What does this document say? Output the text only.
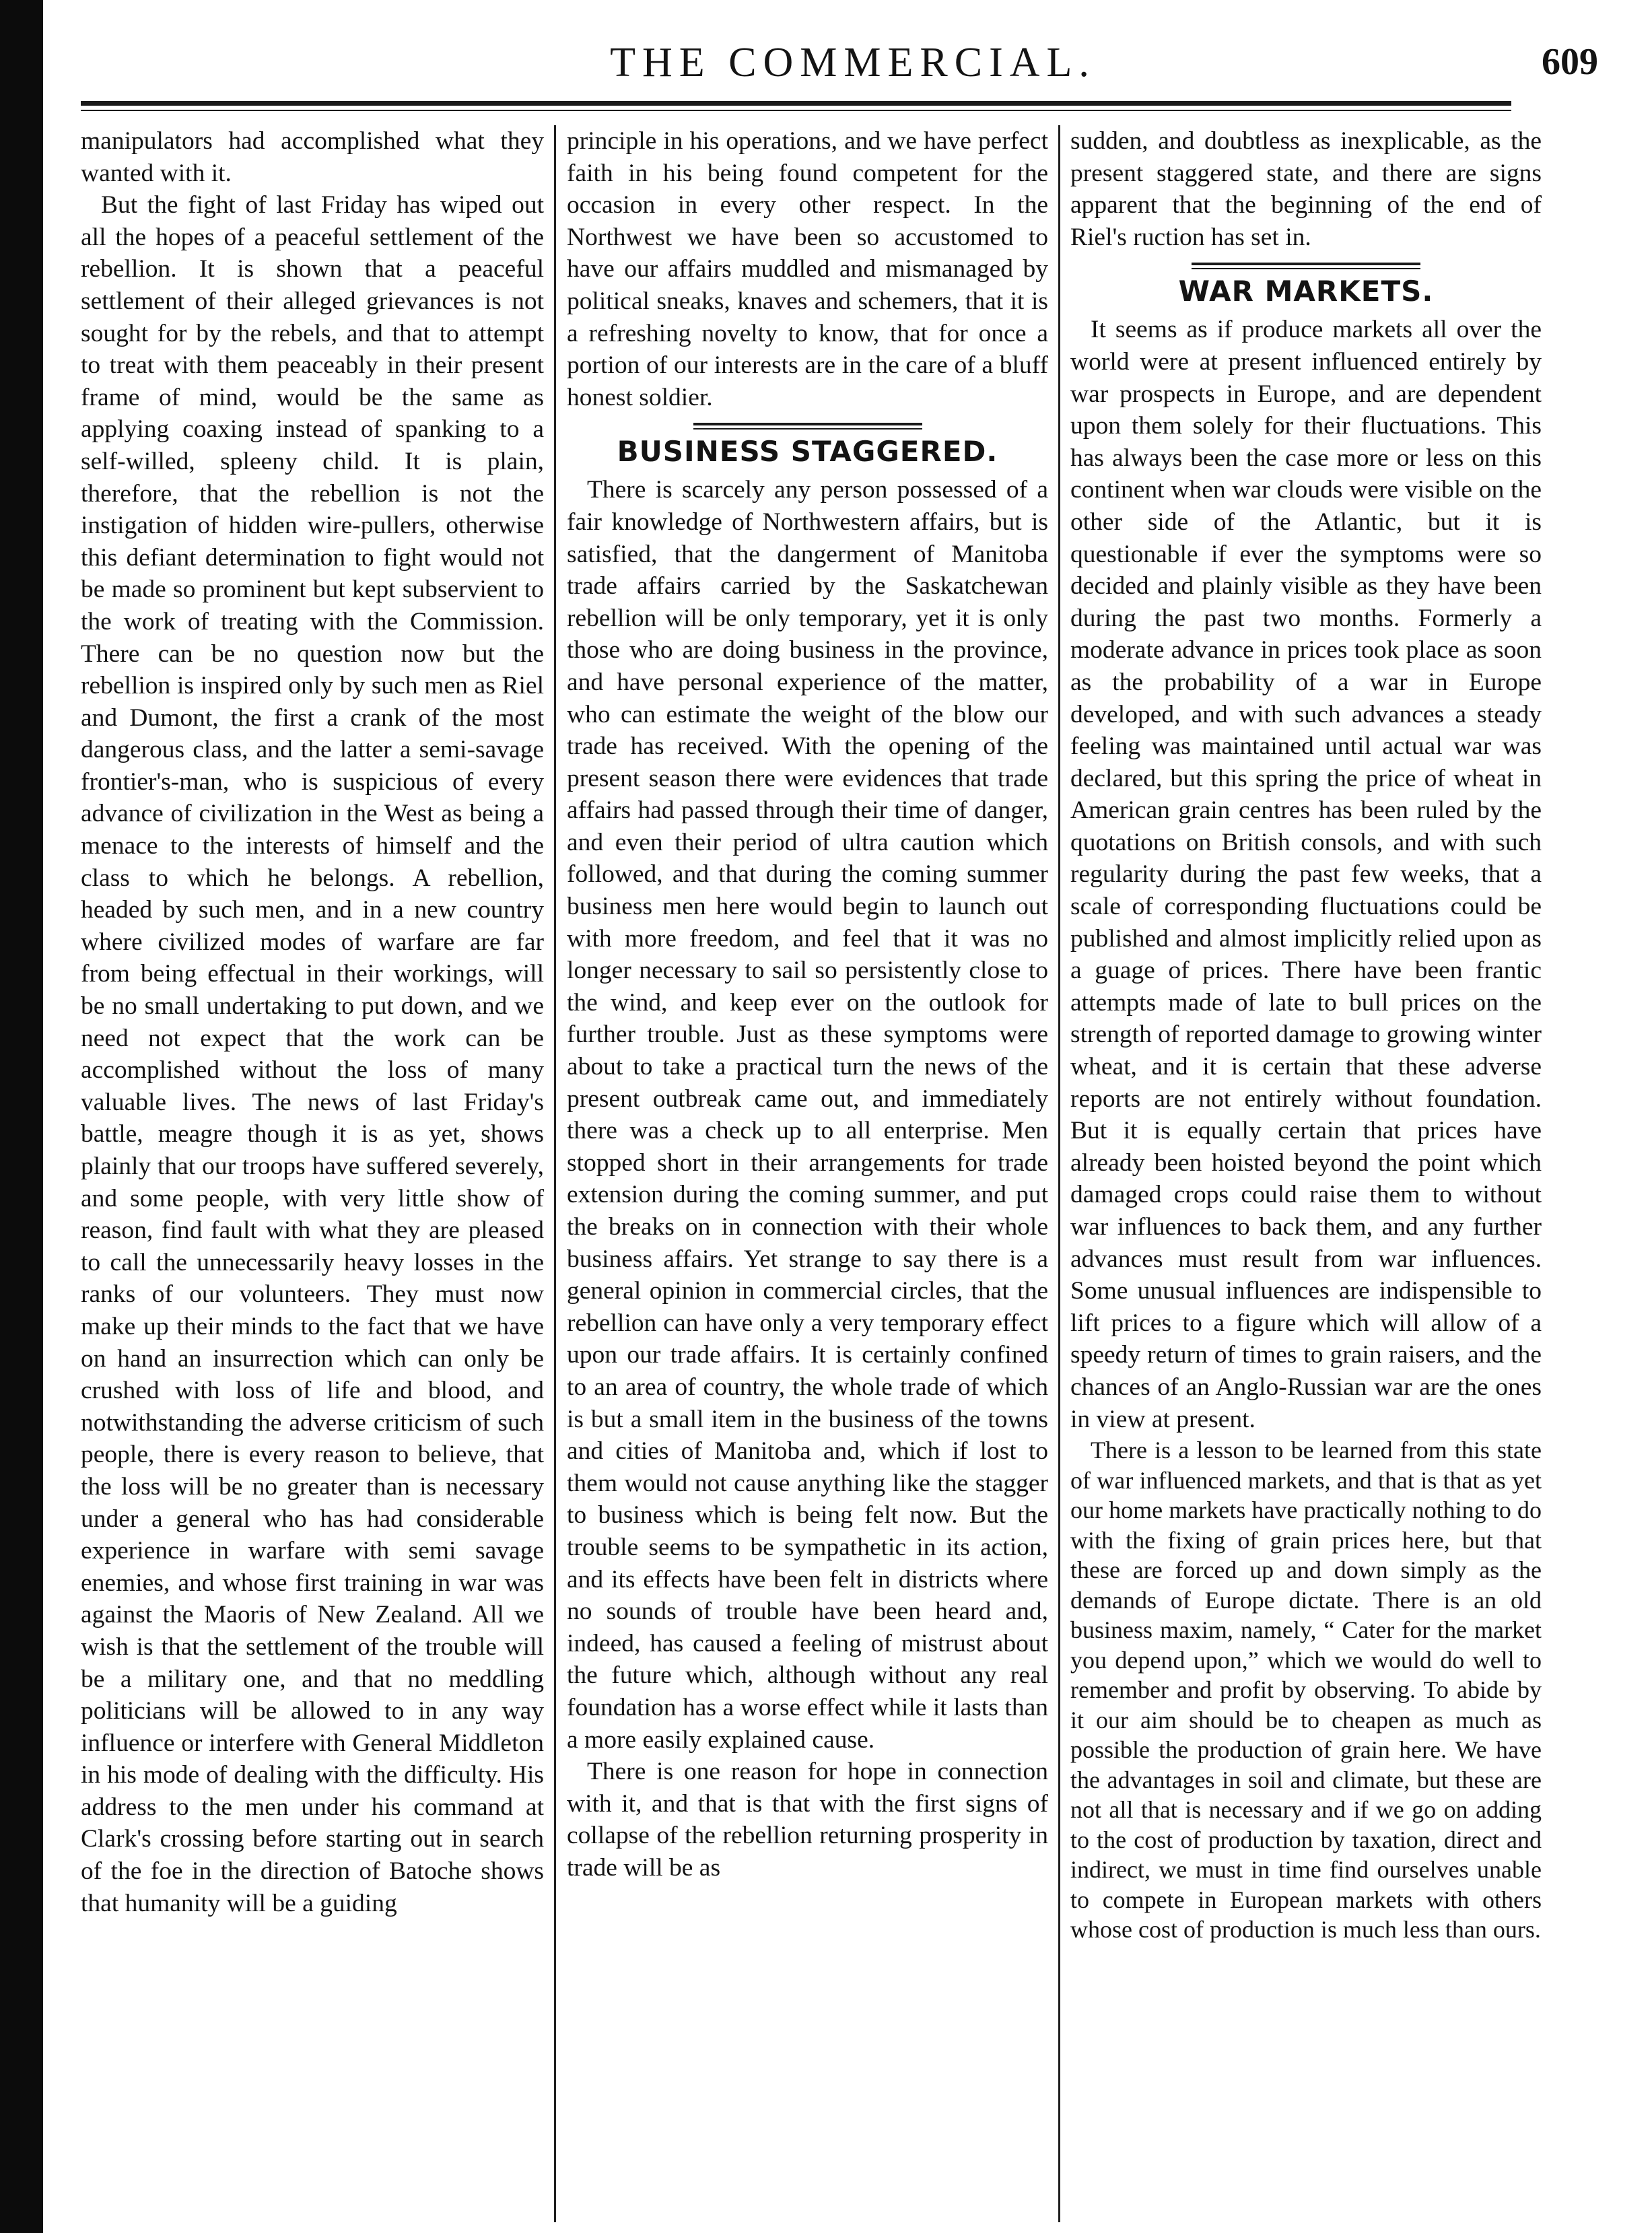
THE COMMERCIAL.	609

manipulators had accomplished what they wanted with it.

But the fight of last Friday has wiped out all the hopes of a peaceful settlement of the rebellion. It is shown that a peaceful settlement of their alleged grievances is not sought for by the rebels, and that to attempt to treat with them peaceably in their present frame of mind, would be the same as applying coaxing instead of spanking to a self-willed, spleeny child. It is plain, therefore, that the rebellion is not the instigation of hidden wire-pullers, otherwise this defiant determination to fight would not be made so prominent but kept subservient to the work of treating with the Commission. There can be no question now but the rebellion is inspired only by such men as Riel and Dumont, the first a crank of the most dangerous class, and the latter a semi-savage frontier's-man, who is suspicious of every advance of civilization in the West as being a menace to the interests of himself and the class to which he belongs. A rebellion, headed by such men, and in a new country where civilized modes of warfare are far from being effectual in their workings, will be no small undertaking to put down, and we need not expect that the work can be accomplished without the loss of many valuable lives. The news of last Friday's battle, meagre though it is as yet, shows plainly that our troops have suffered severely, and some people, with very little show of reason, find fault with what they are pleased to call the unnecessarily heavy losses in the ranks of our volunteers. They must now make up their minds to the fact that we have on hand an insurrection which can only be crushed with loss of life and blood, and notwithstanding the adverse criticism of such people, there is every reason to believe, that the loss will be no greater than is necessary under a general who has had considerable experience in warfare with semi savage enemies, and whose first training in war was against the Maoris of New Zealand. All we wish is that the settlement of the trouble will be a military one, and that no meddling politicians will be allowed to in any way influence or interfere with General Middleton in his mode of dealing with the difficulty. His address to the men under his command at Clark's crossing before starting out in search of the foe in the direction of Batoche shows that humanity will be a guiding

principle in his operations, and we have perfect faith in his being found competent for the occasion in every other respect. In the Northwest we have been so accustomed to have our affairs muddled and mismanaged by political sneaks, knaves and schemers, that it is a refreshing novelty to know, that for once a portion of our interests are in the care of a bluff honest soldier.

BUSINESS STAGGERED.

There is scarcely any person possessed of a fair knowledge of Northwestern affairs, but is satisfied, that the dangerment of Manitoba trade affairs carried by the Saskatchewan rebellion will be only temporary, yet it is only those who are doing business in the province, and have personal experience of the matter, who can estimate the weight of the blow our trade has received. With the opening of the present season there were evidences that trade affairs had passed through their time of danger, and even their period of ultra caution which followed, and that during the coming summer business men here would begin to launch out with more freedom, and feel that it was no longer necessary to sail so persistently close to the wind, and keep ever on the outlook for further trouble. Just as these symptoms were about to take a practical turn the news of the present outbreak came out, and immediately there was a check up to all enterprise. Men stopped short in their arrangements for trade extension during the coming summer, and put the breaks on in connection with their whole business affairs. Yet strange to say there is a general opinion in commercial circles, that the rebellion can have only a very temporary effect upon our trade affairs. It is certainly confined to an area of country, the whole trade of which is but a small item in the business of the towns and cities of Manitoba and, which if lost to them would not cause anything like the stagger to business which is being felt now. But the trouble seems to be sympathetic in its action, and its effects have been felt in districts where no sounds of trouble have been heard and, indeed, has caused a feeling of mistrust about the future which, although without any real foundation has a worse effect while it lasts than a more easily explained cause.

There is one reason for hope in connection with it, and that is that with the first signs of collapse of the rebellion returning prosperity in trade will be as

sudden, and doubtless as inexplicable, as the present staggered state, and there are signs apparent that the beginning of the end of Riel's ruction has set in.

WAR MARKETS.

It seems as if produce markets all over the world were at present influenced entirely by war prospects in Europe, and are dependent upon them solely for their fluctuations. This has always been the case more or less on this continent when war clouds were visible on the other side of the Atlantic, but it is questionable if ever the symptoms were so decided and plainly visible as they have been during the past two months. Formerly a moderate advance in prices took place as soon as the probability of a war in Europe developed, and with such advances a steady feeling was maintained until actual war was declared, but this spring the price of wheat in American grain centres has been ruled by the quotations on British consols, and with such regularity during the past few weeks, that a scale of corresponding fluctuations could be published and almost implicitly relied upon as a guage of prices. There have been frantic attempts made of late to bull prices on the strength of reported damage to growing winter wheat, and it is certain that these adverse reports are not entirely without foundation. But it is equally certain that prices have already been hoisted beyond the point which damaged crops could raise them to without war influences to back them, and any further advances must result from war influences. Some unusual influences are indispensible to lift prices to a figure which will allow of a speedy return of times to grain raisers, and the chances of an Anglo-Russian war are the ones in view at present.

There is a lesson to be learned from this state of war influenced markets, and that is that as yet our home markets have practically nothing to do with the fixing of grain prices here, but that these are forced up and down simply as the demands of Europe dictate. There is an old business maxim, namely, “ Cater for the market you depend upon,” which we would do well to remember and profit by observing. To abide by it our aim should be to cheapen as much as possible the production of grain here. We have the advantages in soil and climate, but these are not all that is necessary and if we go on adding to the cost of production by taxation, direct and indirect, we must in time find ourselves unable to compete in European markets with others whose cost of production is much less than ours.
